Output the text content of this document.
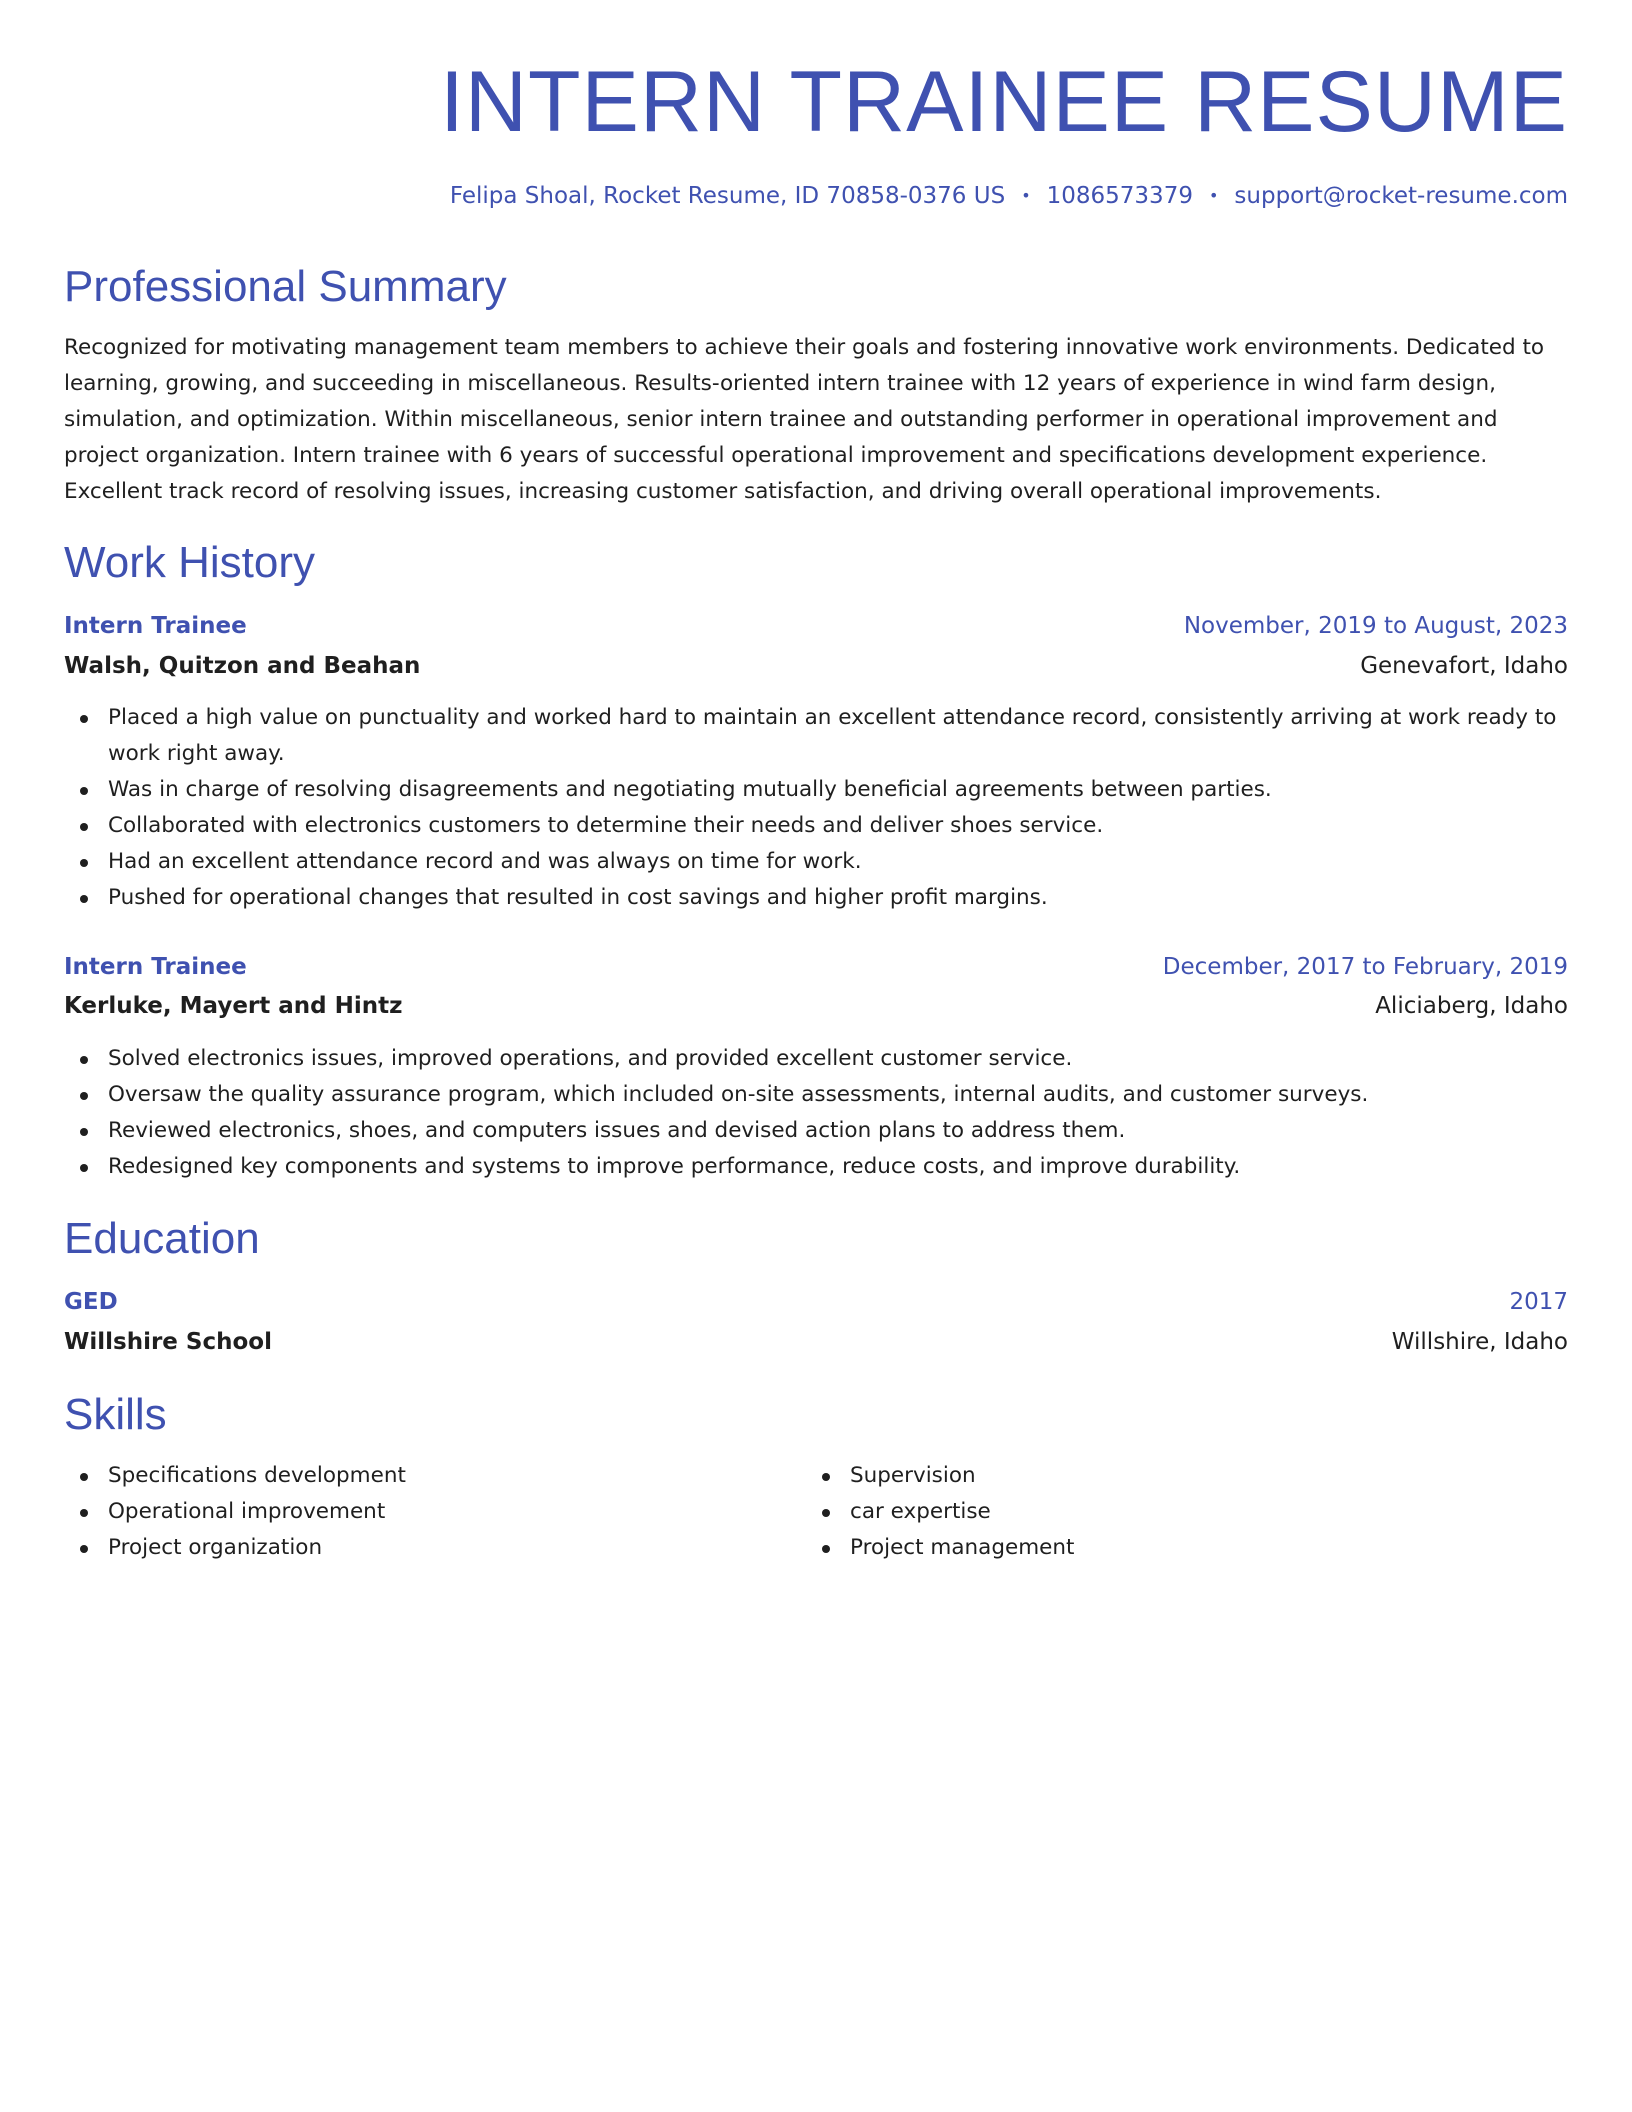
INTERN TRAINEE RESUME
Felipa Shoal, Rocket Resume, ID 70858-0376 US • 1086573379 • support@rocket-resume.com
Professional Summary

Recognized for motivating management team members to achieve their goals and fostering innovative work environments. Dedicated to learning, growing, and succeeding in miscellaneous. Results-oriented intern trainee with 12 years of experience in wind farm design, simulation, and optimization. Within miscellaneous, senior intern trainee and outstanding performer in operational improvement and project organization. Intern trainee with 6 years of successful operational improvement and specifications development experience. Excellent track record of resolving issues, increasing customer satisfaction, and driving overall operational improvements.

Work History
Intern Trainee	November, 2019 to August, 2023
Walsh, Quitzon and Beahan	Genevafort, Idaho
Placed a high value on punctuality and worked hard to maintain an excellent attendance record, consistently arriving at work ready to work right away.
Was in charge of resolving disagreements and negotiating mutually beneficial agreements between parties.
Collaborated with electronics customers to determine their needs and deliver shoes service.
Had an excellent attendance record and was always on time for work.
Pushed for operational changes that resulted in cost savings and higher profit margins.
Intern Trainee	December, 2017 to February, 2019
Kerluke, Mayert and Hintz	Aliciaberg, Idaho
Solved electronics issues, improved operations, and provided excellent customer service.
Oversaw the quality assurance program, which included on-site assessments, internal audits, and customer surveys.
Reviewed electronics, shoes, and computers issues and devised action plans to address them.
Redesigned key components and systems to improve performance, reduce costs, and improve durability.
Education
GED	2017
Willshire School	Willshire, Idaho
Skills
Specifications development
Operational improvement
Project organization
Supervision
car expertise
Project management
